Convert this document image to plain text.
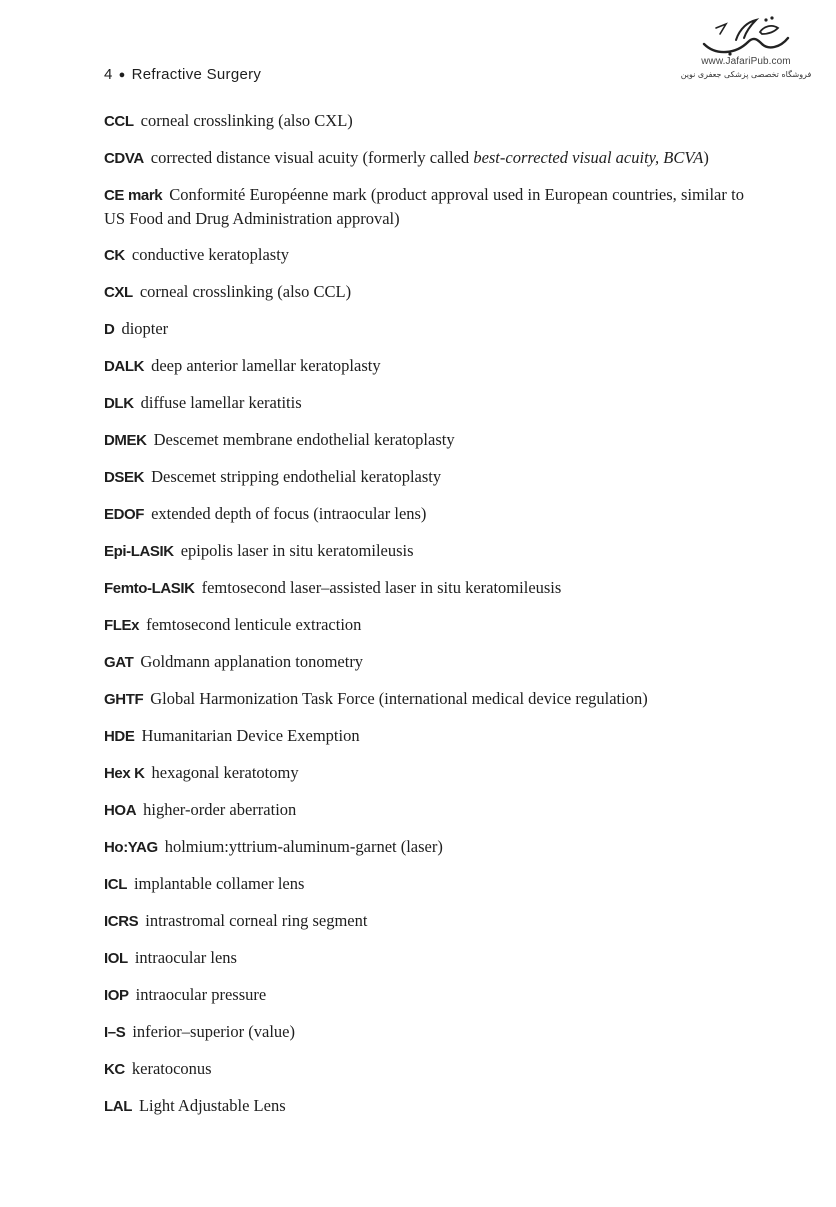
4 ● Refractive Surgery
www.JafariPub.com
فروشگاه تخصصی پزشکی جعفری نوین
CCL corneal crosslinking (also CXL)
CDVA corrected distance visual acuity (formerly called best-corrected visual acuity, BCVA)
CE mark Conformité Européenne mark (product approval used in European countries, similar to US Food and Drug Administration approval)
CK conductive keratoplasty
CXL corneal crosslinking (also CCL)
D diopter
DALK deep anterior lamellar keratoplasty
DLK diffuse lamellar keratitis
DMEK Descemet membrane endothelial keratoplasty
DSEK Descemet stripping endothelial keratoplasty
EDOF extended depth of focus (intraocular lens)
Epi-LASIK epipolis laser in situ keratomileusis
Femto-LASIK femtosecond laser–assisted laser in situ keratomileusis
FLEx femtosecond lenticule extraction
GAT Goldmann applanation tonometry
GHTF Global Harmonization Task Force (international medical device regulation)
HDE Humanitarian Device Exemption
Hex K hexagonal keratotomy
HOA higher-order aberration
Ho:YAG holmium:yttrium-aluminum-garnet (laser)
ICL implantable collamer lens
ICRS intrastromal corneal ring segment
IOL intraocular lens
IOP intraocular pressure
I–S inferior–superior (value)
KC keratoconus
LAL Light Adjustable Lens
